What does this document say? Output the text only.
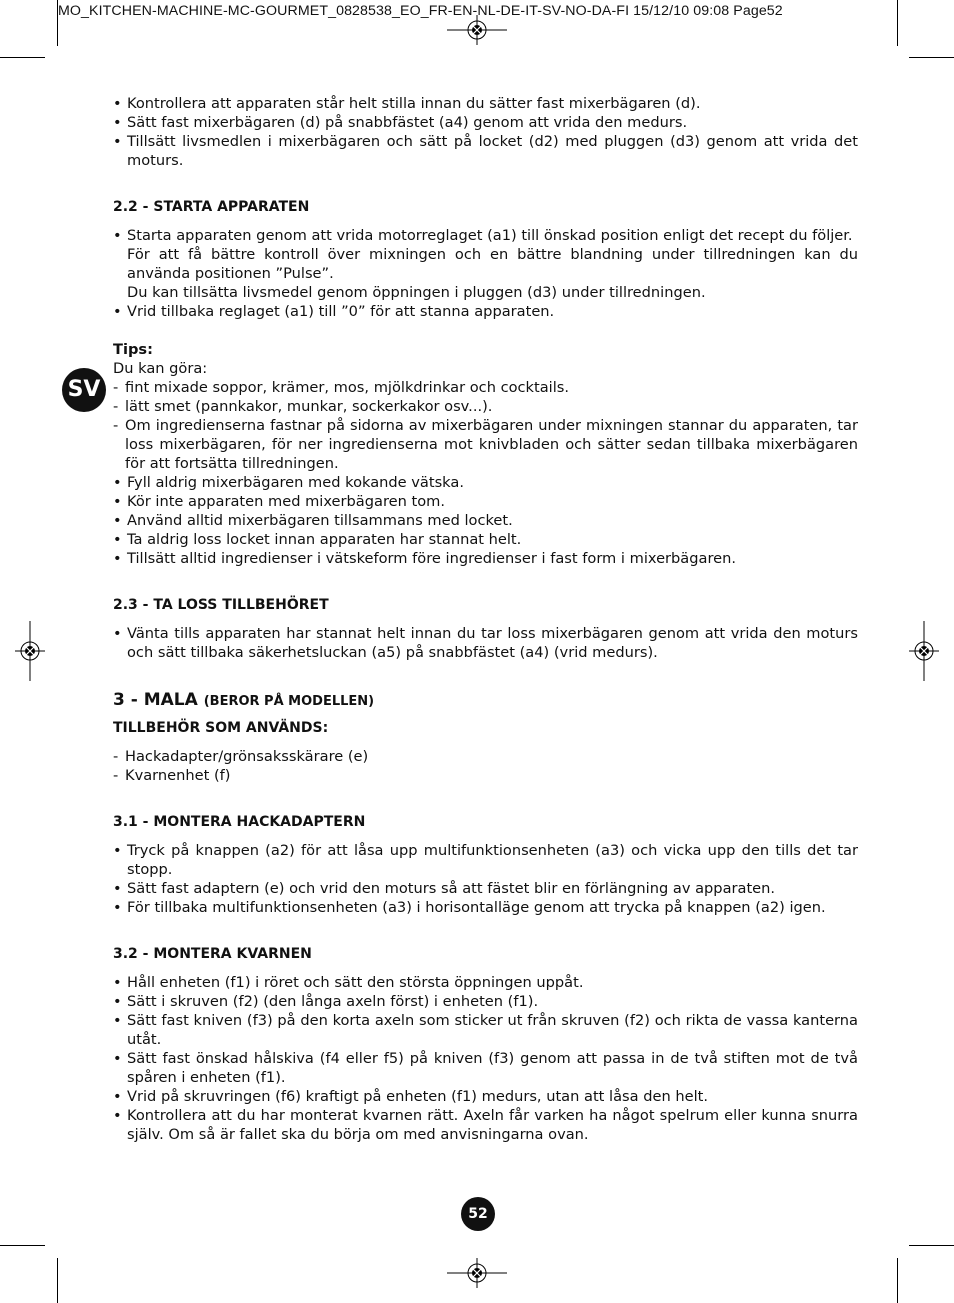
MO_KITCHEN-MACHINE-MC-GOURMET_0828538_EO_FR-EN-NL-DE-IT-SV-NO-DA-FI 15/12/10 09:08 Page52
SV

• Kontrollera att apparaten står helt stilla innan du sätter fast mixerbägaren (d).

• Sätt fast mixerbägaren (d) på snabbfästet (a4) genom att vrida den medurs.

• Tillsätt livsmedlen i mixerbägaren och sätt på locket (d2) med pluggen (d3) genom att vrida det moturs.

2.2 - STARTA APPARATEN

• Starta apparaten genom att vrida motorreglaget (a1) till önskad position enligt det recept du följer.

För att få bättre kontroll över mixningen och en bättre blandning under tillredningen kan du använda positionen ”Pulse”.

Du kan tillsätta livsmedel genom öppningen i pluggen (d3) under tillredningen.

• Vrid tillbaka reglaget (a1) till ”0” för att stanna apparaten.

Tips:

Du kan göra:

- fint mixade soppor, krämer, mos, mjölkdrinkar och cocktails.

- lätt smet (pannkakor, munkar, sockerkakor osv...).

- Om ingredienserna fastnar på sidorna av mixerbägaren under mixningen stannar du apparaten, tar loss mixerbägaren, för ner ingredienserna mot knivbladen och sätter sedan tillbaka mixerbägaren för att fortsätta tillredningen.

• Fyll aldrig mixerbägaren med kokande vätska.

• Kör inte apparaten med mixerbägaren tom.

• Använd alltid mixerbägaren tillsammans med locket.

• Ta aldrig loss locket innan apparaten har stannat helt.

• Tillsätt alltid ingredienser i vätskeform före ingredienser i fast form i mixerbägaren.

2.3 - TA LOSS TILLBEHÖRET

• Vänta tills apparaten har stannat helt innan du tar loss mixerbägaren genom att vrida den moturs och sätt tillbaka säkerhetsluckan (a5) på snabbfästet (a4) (vrid medurs).

3 - MALA (BEROR PÅ MODELLEN)

TILLBEHÖR SOM ANVÄNDS:

- Hackadapter/grönsaksskärare (e)

- Kvarnenhet (f)

3.1 - MONTERA HACKADAPTERN

• Tryck på knappen (a2) för att låsa upp multifunktionsenheten (a3) och vicka upp den tills det tar stopp.

• Sätt fast adaptern (e) och vrid den moturs så att fästet blir en förlängning av apparaten.

• För tillbaka multifunktionsenheten (a3) i horisontalläge genom att trycka på knappen (a2) igen.

3.2 - MONTERA KVARNEN

• Håll enheten (f1) i röret och sätt den största öppningen uppåt.

• Sätt i skruven (f2) (den långa axeln först) i enheten (f1).

• Sätt fast kniven (f3) på den korta axeln som sticker ut från skruven (f2) och rikta de vassa kanterna utåt.

• Sätt fast önskad hålskiva (f4 eller f5) på kniven (f3) genom att passa in de två stiften mot de två spåren i enheten (f1).

• Vrid på skruvringen (f6) kraftigt på enheten (f1) medurs, utan att låsa den helt.

• Kontrollera att du har monterat kvarnen rätt. Axeln får varken ha något spelrum eller kunna snurra själv. Om så är fallet ska du börja om med anvisningarna ovan.

52
